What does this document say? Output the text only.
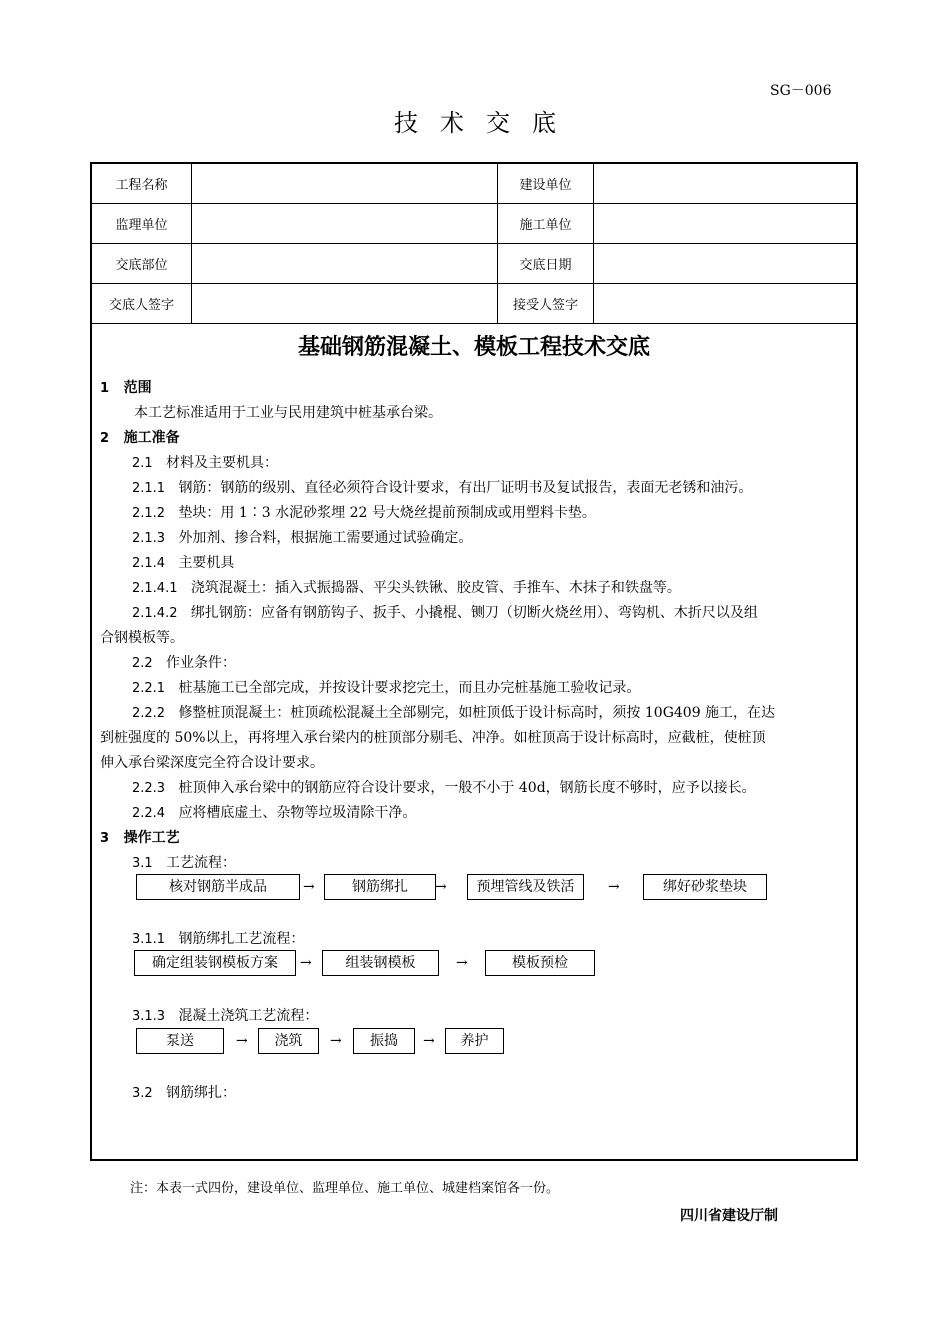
SG－006
技术交底
工程名称		建设单位	
监理单位		施工单位	
交底部位		交底日期	
交底人签字		接受人签字	
基础钢筋混凝土、模板工程技术交底
1 范围
本工艺标准适用于工业与民用建筑中桩基承台梁。
2 施工准备
2.1 材料及主要机具：
2.1.1 钢筋：钢筋的级别、直径必须符合设计要求，有出厂证明书及复试报告，表面无老锈和油污。
2.1.2 垫块：用 1∶3 水泥砂浆埋 22 号大烧丝提前预制成或用塑料卡垫。
2.1.3 外加剂、掺合料，根据施工需要通过试验确定。
2.1.4 主要机具
2.1.4.1 浇筑混凝土：插入式振捣器、平尖头铁锹、胶皮管、手推车、木抹子和铁盘等。
2.1.4.2 绑扎钢筋：应备有钢筋钩子、扳手、小撬棍、铡刀（切断火烧丝用）、弯钩机、木折尺以及组
合钢模板等。
2.2 作业条件：
2.2.1 桩基施工已全部完成，并按设计要求挖完土，而且办完桩基施工验收记录。
2.2.2 修整桩顶混凝土：桩顶疏松混凝土全部剔完，如桩顶低于设计标高时，须按 10G409 施工，在达
到桩强度的 50%以上，再将埋入承台梁内的桩顶部分剔毛、冲净。如桩顶高于设计标高时，应截桩，使桩顶
伸入承台梁深度完全符合设计要求。
2.2.3 桩顶伸入承台梁中的钢筋应符合设计要求，一般不小于 40d，钢筋长度不够时，应予以接长。
2.2.4 应将槽底虚土、杂物等垃圾清除干净。
3 操作工艺
3.1 工艺流程：
核对钢筋半成品	→	钢筋绑扎	→	预埋管线及铁活	→	绑好砂浆垫块
3.1.1 钢筋绑扎工艺流程：
确定组装钢模板方案	→	组装钢模板	→	模板预检
3.1.3 混凝土浇筑工艺流程：
泵送	→	浇筑	→	振捣	→	养护
3.2 钢筋绑扎：
注：本表一式四份，建设单位、监理单位、施工单位、城建档案馆各一份。
四川省建设厅制
